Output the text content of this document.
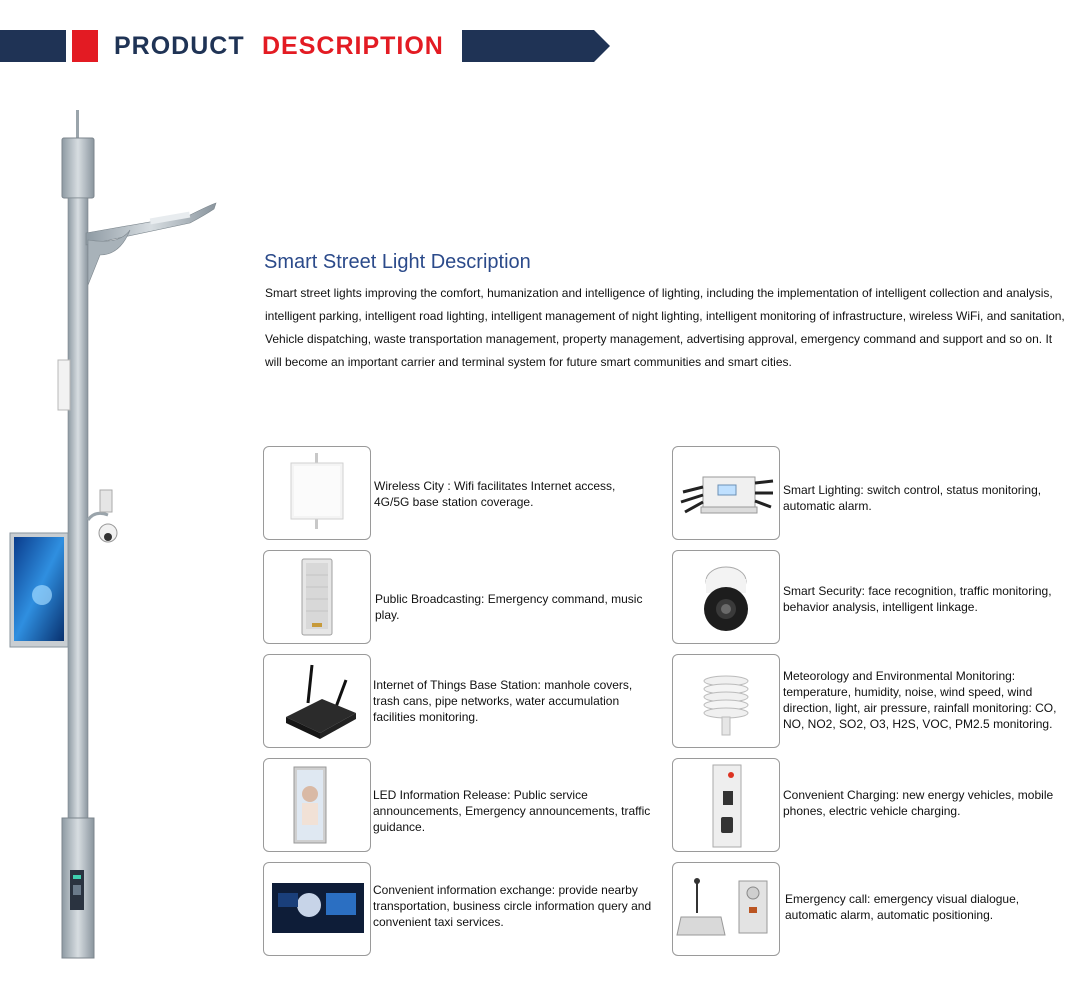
PRODUCT DESCRIPTION
Smart Street Light Description
Smart street lights improving the comfort, humanization and intelligence of lighting, including the implementation of intelligent collection and analysis, intelligent parking, intelligent road lighting, intelligent management of night lighting, intelligent monitoring of infrastructure, wireless WiFi, and sanitation, Vehicle dispatching, waste transportation management, property management, advertising approval, emergency command and support and so on. It will become an important carrier and terminal system for future smart communities and smart cities.
Wireless City : Wifi facilitates Internet access, 4G/5G base station coverage.
Smart Lighting: switch control, status monitoring, automatic alarm.
Public Broadcasting: Emergency command, music play.
Smart Security: face recognition, traffic monitoring, behavior analysis, intelligent linkage.
Internet of Things Base Station: manhole covers, trash cans, pipe networks, water accumulation facilities monitoring.
Meteorology and Environmental Monitoring: temperature, humidity, noise, wind speed, wind direction, light, air pressure, rainfall monitoring: CO, NO, NO2, SO2, O3, H2S, VOC, PM2.5 monitoring.
LED Information Release: Public service announcements, Emergency announcements, traffic guidance.
Convenient Charging: new energy vehicles, mobile phones, electric vehicle charging.
Convenient information exchange: provide nearby transportation, business circle information query and convenient taxi services.
Emergency call: emergency visual dialogue, automatic alarm, automatic positioning.
